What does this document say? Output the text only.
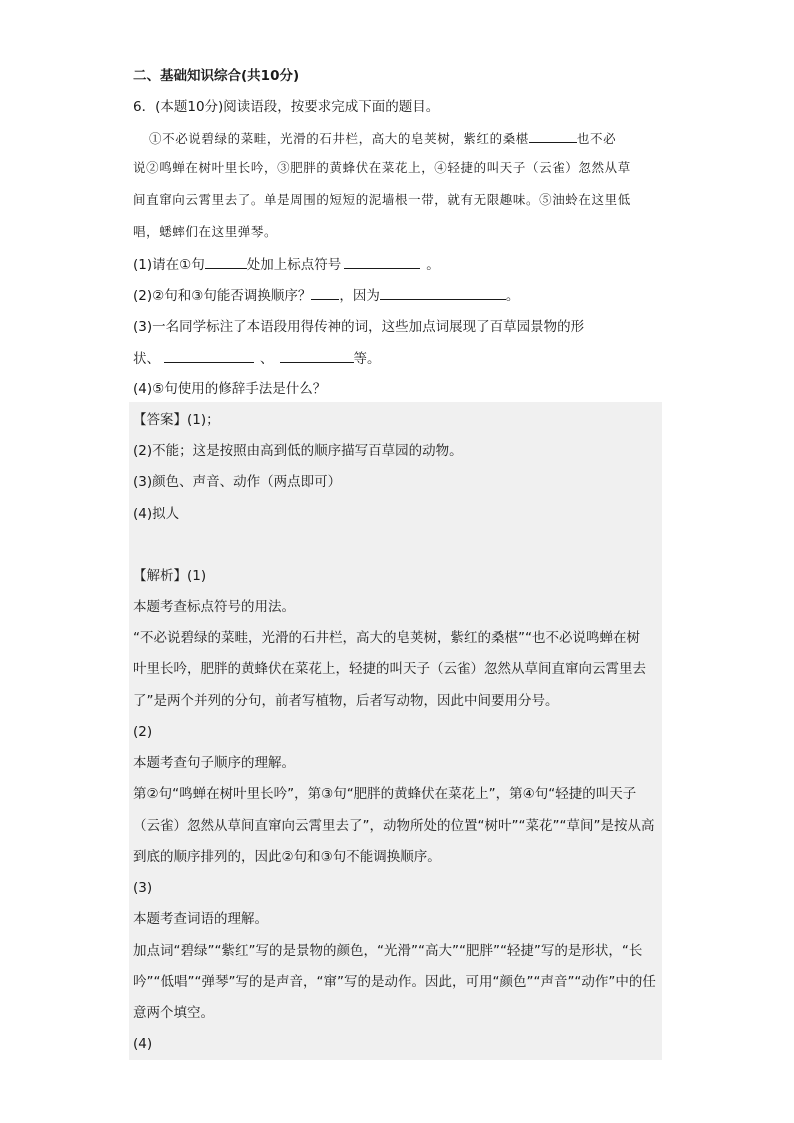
二、基础知识综合(共10分)
6．(本题10分)阅读语段，按要求完成下面的题目。
①不必说碧绿的菜畦，光滑的石井栏，高大的皂荚树，紫红的桑椹	也不必
说②鸣蝉在树叶里长吟，③肥胖的黄蜂伏在菜花上，④轻捷的叫天子（云雀）忽然从草
间直窜向云霄里去了。单是周围的短短的泥墙根一带，就有无限趣味。⑤油蛉在这里低
唱，蟋蟀们在这里弹琴。
(1)请在①句	处加上标点符号	。
(2)②句和③句能否调换顺序？ ，因为	。
(3)一名同学标注了本语段用得传神的词，这些加点词展现了百草园景物的形
状、	、	等。
(4)⑤句使用的修辞手法是什么？
【答案】(1)；
(2)不能；这是按照由高到低的顺序描写百草园的动物。
(3)颜色、声音、动作（两点即可）
(4)拟人
【解析】(1)
本题考查标点符号的用法。
“不必说碧绿的菜畦，光滑的石井栏，高大的皂荚树，紫红的桑椹”“也不必说鸣蝉在树
叶里长吟，肥胖的黄蜂伏在菜花上，轻捷的叫天子（云雀）忽然从草间直窜向云霄里去
了”是两个并列的分句，前者写植物，后者写动物，因此中间要用分号。
(2)
本题考查句子顺序的理解。
第②句“鸣蝉在树叶里长吟”，第③句“肥胖的黄蜂伏在菜花上”，第④句“轻捷的叫天子
（云雀）忽然从草间直窜向云霄里去了”，动物所处的位置“树叶”“菜花”“草间”是按从高
到底的顺序排列的，因此②句和③句不能调换顺序。
(3)
本题考查词语的理解。
加点词“碧绿”“紫红”写的是景物的颜色，“光滑”“高大”“肥胖”“轻捷”写的是形状，“长
吟”“低唱”“弹琴”写的是声音，“窜”写的是动作。因此，可用“颜色”“声音”“动作”中的任
意两个填空。
(4)
